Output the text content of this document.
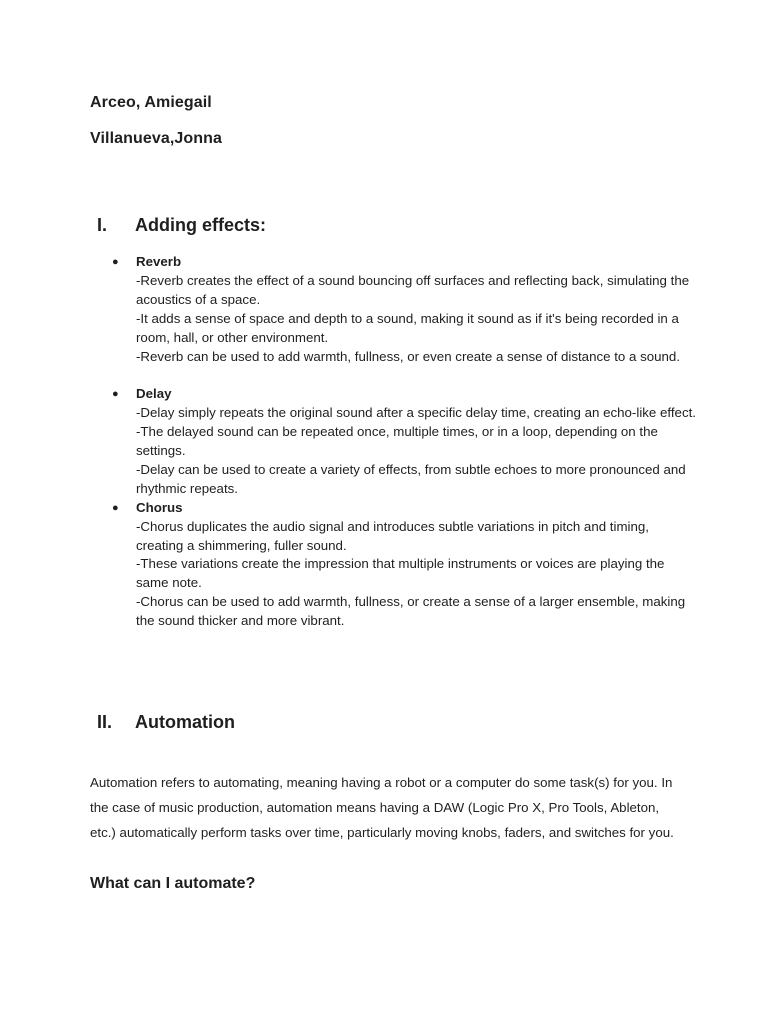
Arceo, Amiegail

Villanueva,Jonna

I.	Adding effects:
● Reverb
-Reverb creates the effect of a sound bouncing off surfaces and reflecting back, simulating the acoustics of a space.
-It adds a sense of space and depth to a sound, making it sound as if it's being recorded in a room, hall, or other environment.
-Reverb can be used to add warmth, fullness, or even create a sense of distance to a sound.
● Delay
-Delay simply repeats the original sound after a specific delay time, creating an echo-like effect.
-The delayed sound can be repeated once, multiple times, or in a loop, depending on the settings.
-Delay can be used to create a variety of effects, from subtle echoes to more pronounced and rhythmic repeats.
● Chorus
-Chorus duplicates the audio signal and introduces subtle variations in pitch and timing, creating a shimmering, fuller sound.
-These variations create the impression that multiple instruments or voices are playing the same note.
-Chorus can be used to add warmth, fullness, or create a sense of a larger ensemble, making the sound thicker and more vibrant.
II.	Automation

Automation refers to automating, meaning having a robot or a computer do some task(s) for you. In the case of music production, automation means having a DAW (Logic Pro X, Pro Tools, Ableton, etc.) automatically perform tasks over time, particularly moving knobs, faders, and switches for you.

What can I automate?
